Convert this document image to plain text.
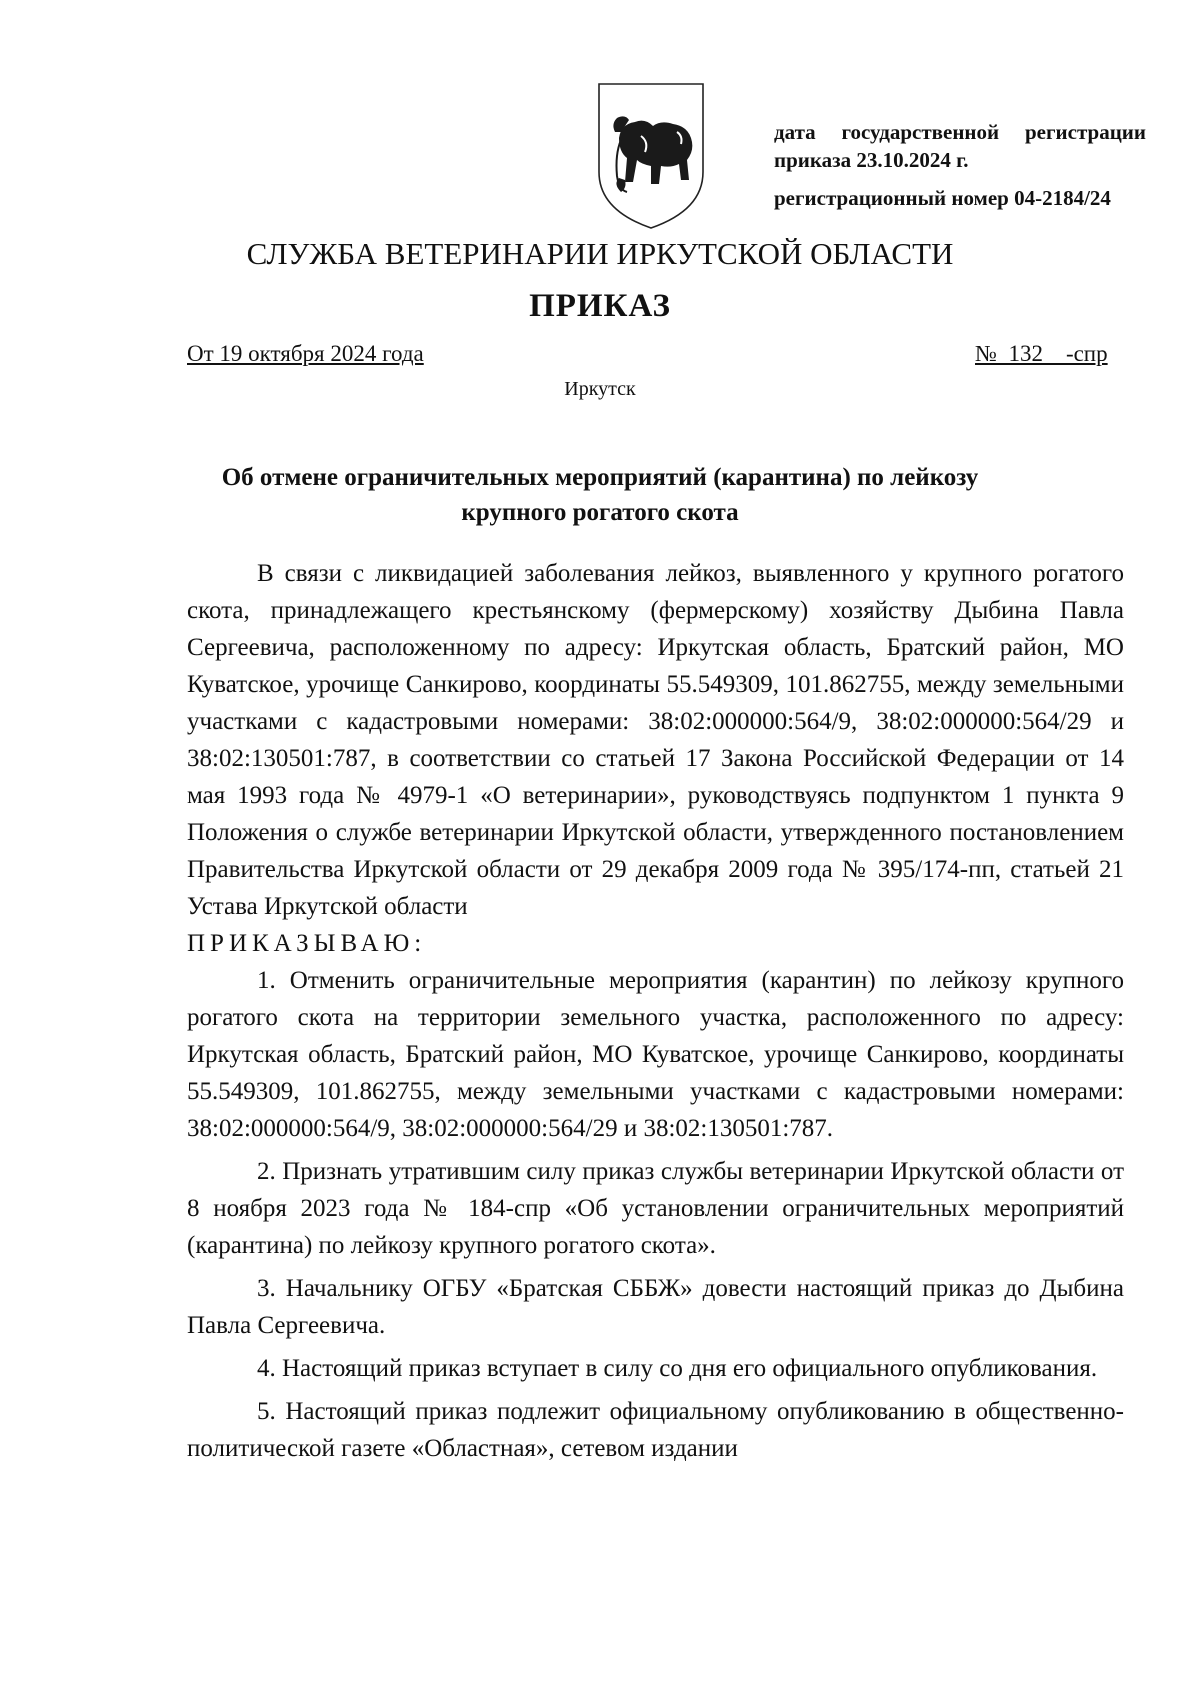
дата государственной регистрации
приказа 23.10.2024 г.
регистрационный номер 04-2184/24
СЛУЖБА ВЕТЕРИНАРИИ ИРКУТСКОЙ ОБЛАСТИ
ПРИКАЗ
От 19 октября 2024 года	№  132    -спр
Иркутск
Об отмене ограничительных мероприятий (карантина) по лейкозу
крупного рогатого скота

В связи с ликвидацией заболевания лейкоз, выявленного у крупного рогатого скота, принадлежащего крестьянскому (фермерскому) хозяйству Дыбина Павла Сергеевича, расположенному по адресу: Иркутская область, Братский район, МО Куватское, урочище Санкирово, координаты 55.549309, 101.862755, между земельными участками с кадастровыми номерами: 38:02:000000:564/9, 38:02:000000:564/29 и 38:02:130501:787, в соответствии со статьей 17 Закона Российской Федерации от 14 мая 1993 года № 4979-1 «О ветеринарии», руководствуясь подпунктом 1 пункта 9 Положения о службе ветеринарии Иркутской области, утвержденного постановлением Правительства Иркутской области от 29 декабря 2009 года № 395/174-пп, статьей 21 Устава Иркутской области

ПРИКАЗЫВАЮ:

1. Отменить ограничительные мероприятия (карантин) по лейкозу крупного рогатого скота на территории земельного участка, расположенного по адресу: Иркутская область, Братский район, МО Куватское, урочище Санкирово, координаты 55.549309, 101.862755, между земельными участками с кадастровыми номерами: 38:02:000000:564/9, 38:02:000000:564/29 и 38:02:130501:787.

2. Признать утратившим силу приказ службы ветеринарии Иркутской области от 8 ноября 2023 года № 184-спр «Об установлении ограничительных мероприятий (карантина) по лейкозу крупного рогатого скота».

3. Начальнику ОГБУ «Братская СББЖ» довести настоящий приказ до Дыбина Павла Сергеевича.

4. Настоящий приказ вступает в силу со дня его официального опубликования.

5. Настоящий приказ подлежит официальному опубликованию в общественно-политической газете «Областная», сетевом издании
